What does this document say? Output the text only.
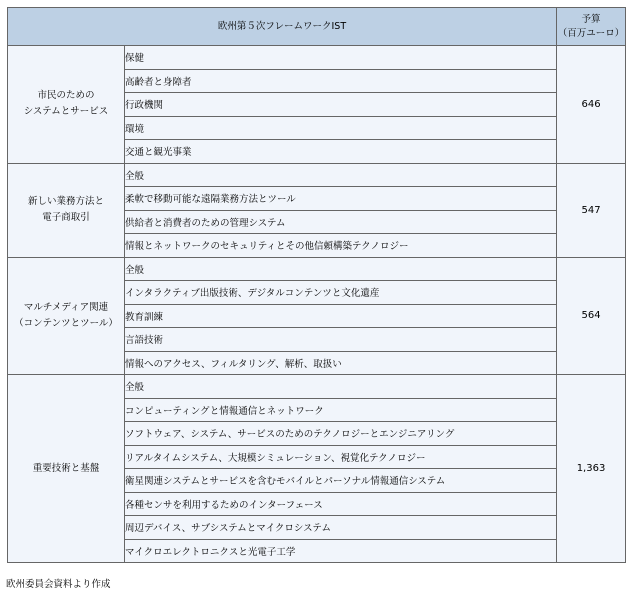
欧州第５次フレームワークIST		予算
（百万ユーロ）

市民のための
システムとサービス	保健	646
	高齢者と身障者	
	行政機関	
	環境	
	交通と観光事業	

新しい業務方法と
電子商取引	全般	547
	柔軟で移動可能な遠隔業務方法とツール	
	供給者と消費者のための管理システム	
	情報とネットワークのセキュリティとその他信頼構築テクノロジー	

マルチメディア関連
（コンテンツとツール）	全般	564
	インタラクティブ出版技術、デジタルコンテンツと文化遺産	
	教育訓練	
	言語技術	
	情報へのアクセス、フィルタリング、解析、取扱い	

重要技術と基盤	全般	1,363
	コンピューティングと情報通信とネットワーク	
	ソフトウェア、システム、サービスのためのテクノロジーとエンジニアリング	
	リアルタイムシステム、大規模シミュレーション、視覚化テクノロジー	
	衛星関連システムとサービスを含むモバイルとパーソナル情報通信システム	
	各種センサを利用するためのインターフェース	
	周辺デバイス、サブシステムとマイクロシステム	
	マイクロエレクトロニクスと光電子工学	
欧州委員会資料より作成
